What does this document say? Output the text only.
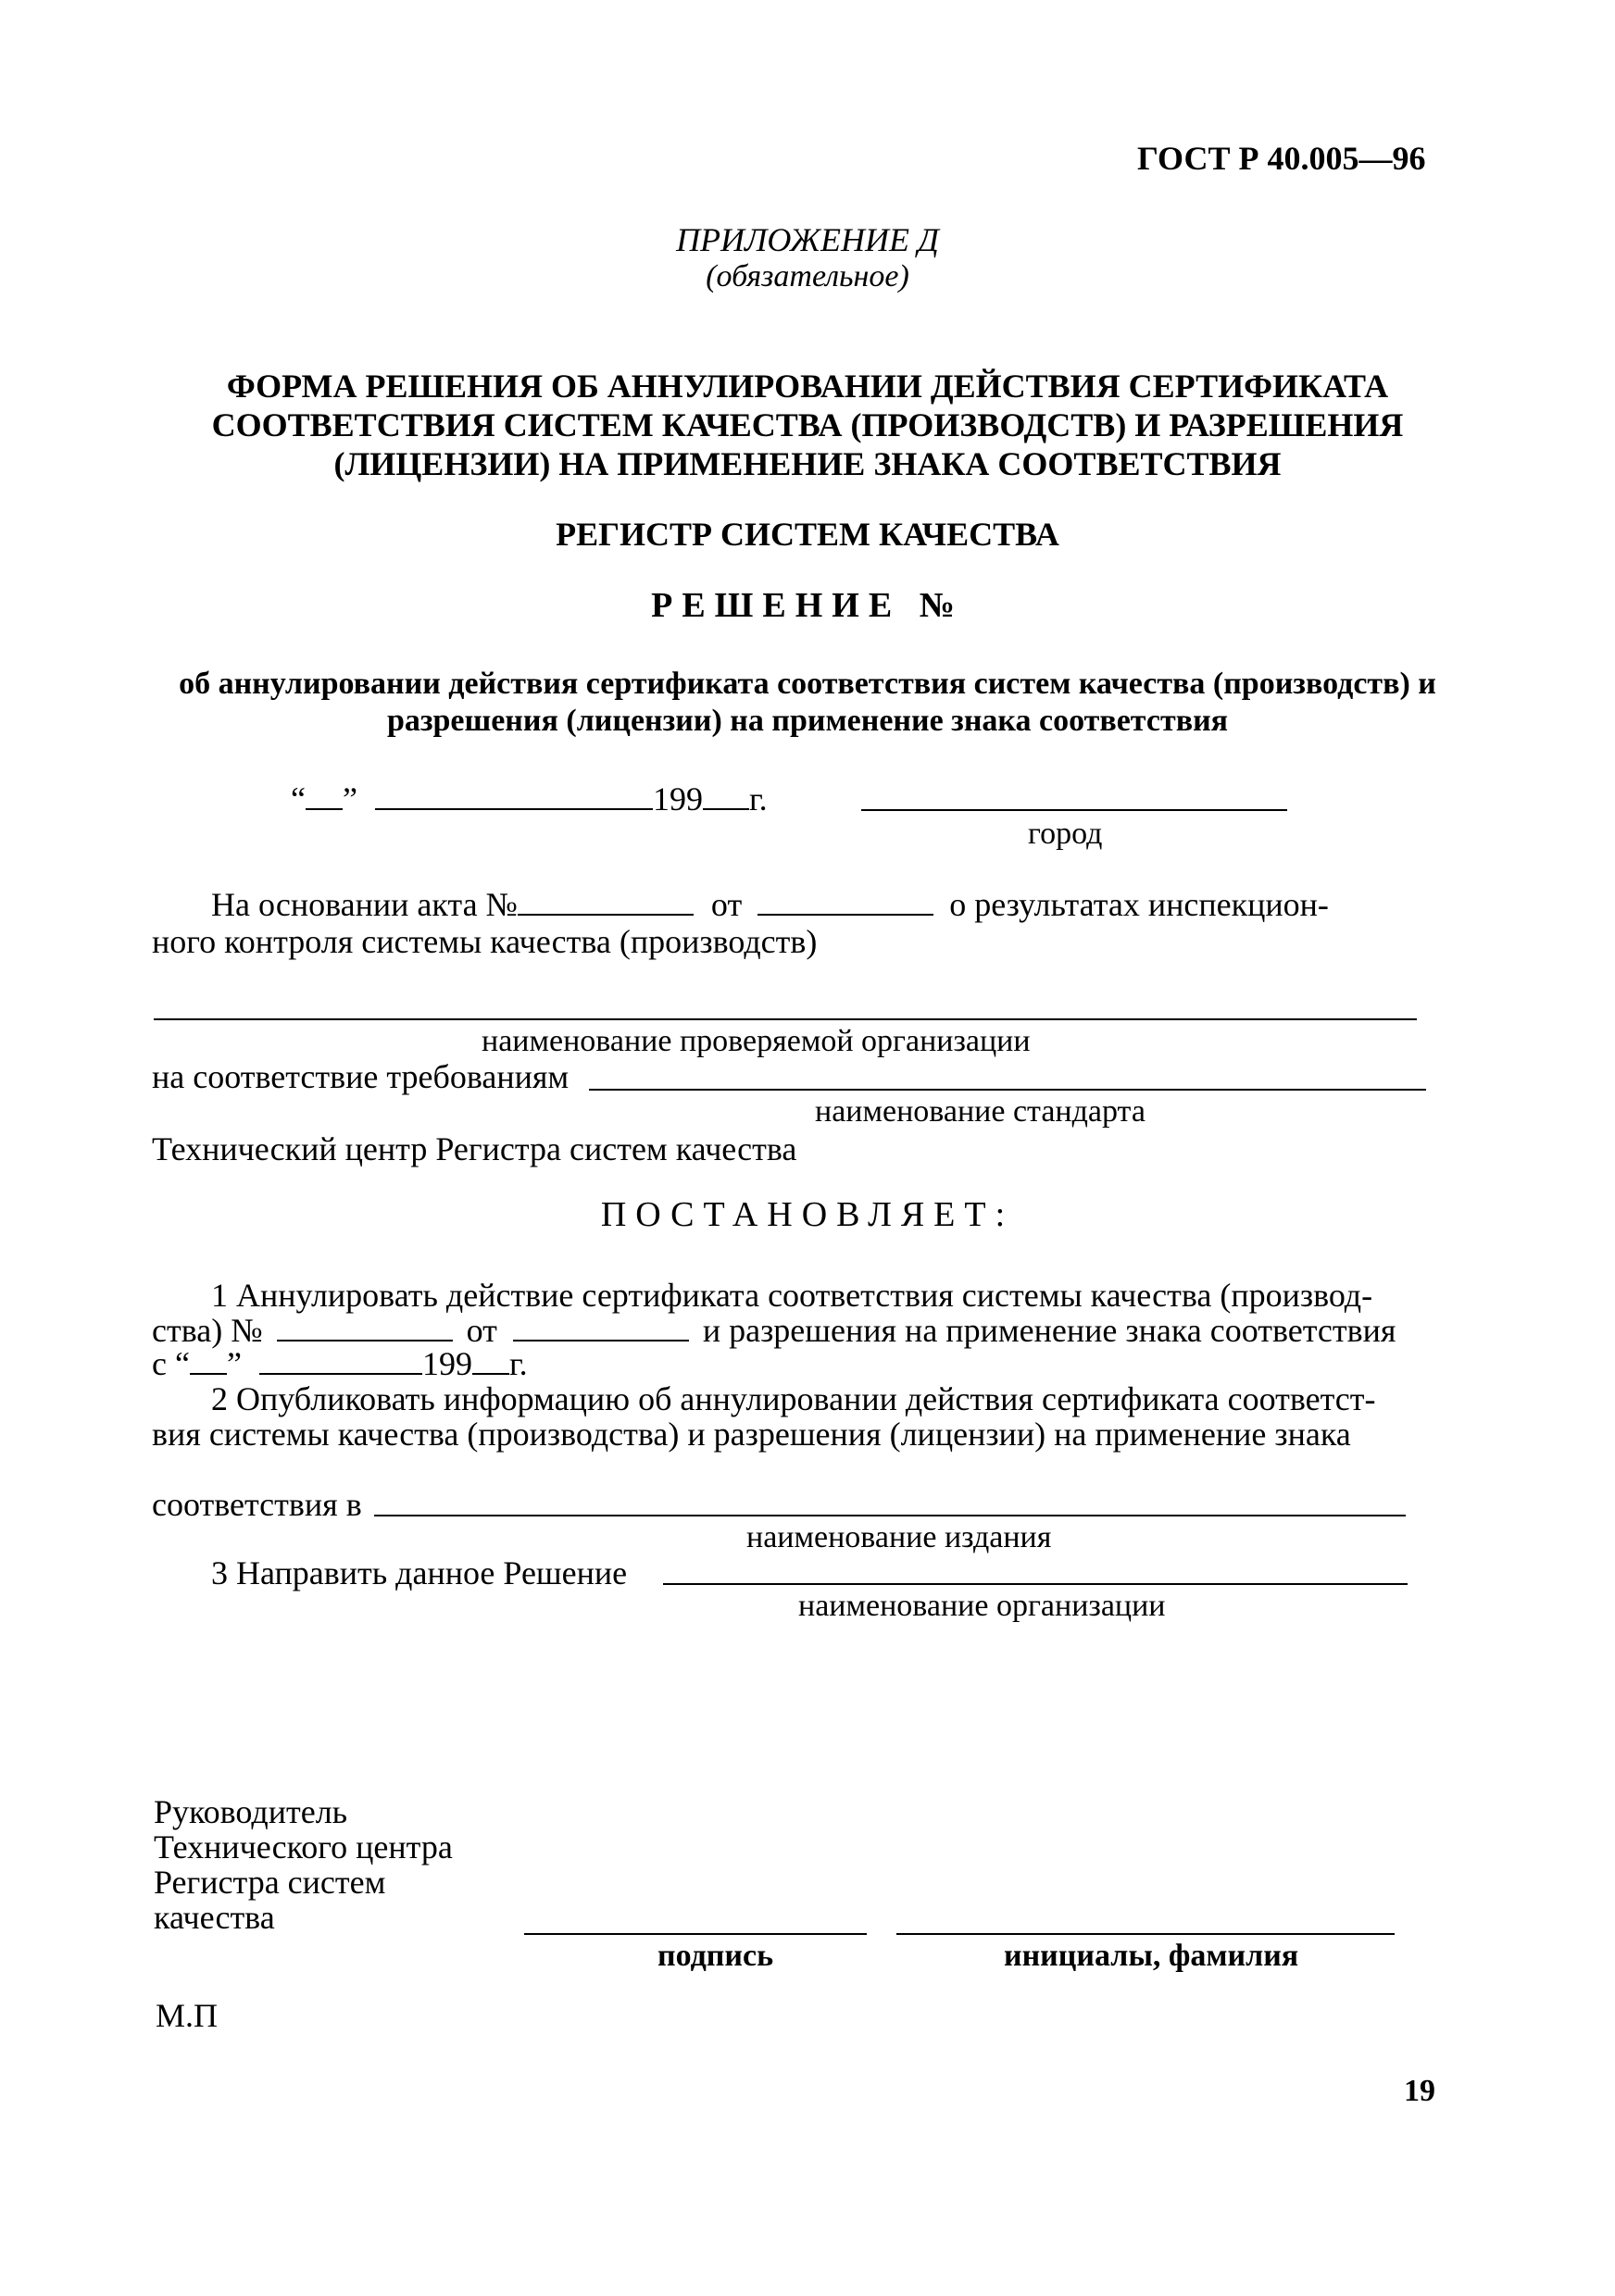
ГОСТ Р 40.005—96
ПРИЛОЖЕНИЕ Д
(обязательное)
ФОРМА РЕШЕНИЯ ОБ АННУЛИРОВАНИИ ДЕЙСТВИЯ СЕРТИФИКАТА
СООТВЕТСТВИЯ СИСТЕМ КАЧЕСТВА (ПРОИЗВОДСТВ) И РАЗРЕШЕНИЯ
(ЛИЦЕНЗИИ) НА ПРИМЕНЕНИЕ ЗНАКА СООТВЕТСТВИЯ
РЕГИСТР СИСТЕМ КАЧЕСТВА
РЕШЕНИЕ №
об аннулировании действия сертификата соответствия систем качества (производств) и
разрешения (лицензии) на применение знака соответствия
“ ”	199 г.
город
На основании акта №	от	о результатах инспекцион-
ного контроля системы качества (производств)
наименование проверяемой организации
на соответствие требованиям
наименование стандарта
Технический центр Регистра систем качества
ПОСТАНОВЛЯЕТ:
1 Аннулировать действие сертификата соответствия системы качества (производ-
ства) №	от	и разрешения на применение знака соответствия
с “ ”	199 г.
2 Опубликовать информацию об аннулировании действия сертификата соответст-
вия системы качества (производства) и разрешения (лицензии) на применение знака
соответствия в
наименование издания
3 Направить данное Решение
наименование организации
Руководитель
Технического центра
Регистра систем
качества
подпись	инициалы, фамилия
М.П
19
